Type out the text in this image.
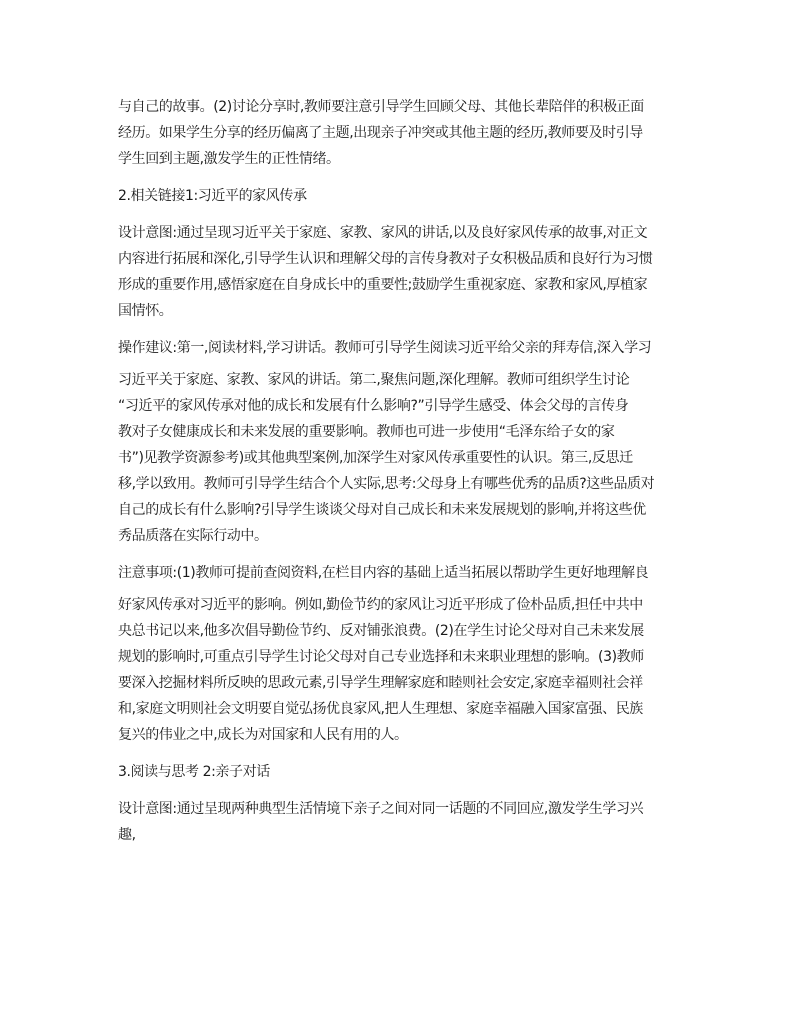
与自己的故事。(2)讨论分享时,教师要注意引导学生回顾父母、其他长辈陪伴的积极正面
经历。如果学生分享的经历偏离了主题,出现亲子冲突或其他主题的经历,教师要及时引导
学生回到主题,激发学生的正性情绪。
2.相关链接1:习近平的家风传承
设计意图:通过呈现习近平关于家庭、家教、家风的讲话,以及良好家风传承的故事,对正文
内容进行拓展和深化,引导学生认识和理解父母的言传身教对子女积极品质和良好行为习惯
形成的重要作用,感悟家庭在自身成长中的重要性;鼓励学生重视家庭、家教和家风,厚植家
国情怀。
操作建议:第一,阅读材料,学习讲话。教师可引导学生阅读习近平给父亲的拜寿信,深入学习
习近平关于家庭、家教、家风的讲话。第二,聚焦问题,深化理解。教师可组织学生讨论
“习近平的家风传承对他的成长和发展有什么影响?”引导学生感受、体会父母的言传身
教对子女健康成长和未来发展的重要影响。教师也可进一步使用“毛泽东给子女的家
书”)见教学资源参考)或其他典型案例,加深学生对家风传承重要性的认识。第三,反思迁
移,学以致用。教师可引导学生结合个人实际,思考:父母身上有哪些优秀的品质?这些品质对
自己的成长有什么影响?引导学生谈谈父母对自己成长和未来发展规划的影响,并将这些优
秀品质落在实际行动中。
注意事项:(1)教师可提前查阅资料,在栏目内容的基础上适当拓展以帮助学生更好地理解良
好家风传承对习近平的影响。例如,勤俭节约的家风让习近平形成了俭朴品质,担任中共中
央总书记以来,他多次倡导勤俭节约、反对铺张浪费。(2)在学生讨论父母对自己未来发展
规划的影响时,可重点引导学生讨论父母对自己专业选择和未来职业理想的影响。(3)教师
要深入挖掘材料所反映的思政元素,引导学生理解家庭和睦则社会安定,家庭幸福则社会祥
和,家庭文明则社会文明要自觉弘扬优良家风,把人生理想、家庭幸福融入国家富强、民族
复兴的伟业之中,成长为对国家和人民有用的人。
3.阅读与思考 2:亲子对话
设计意图:通过呈现两种典型生活情境下亲子之间对同一话题的不同回应,激发学生学习兴
趣,
